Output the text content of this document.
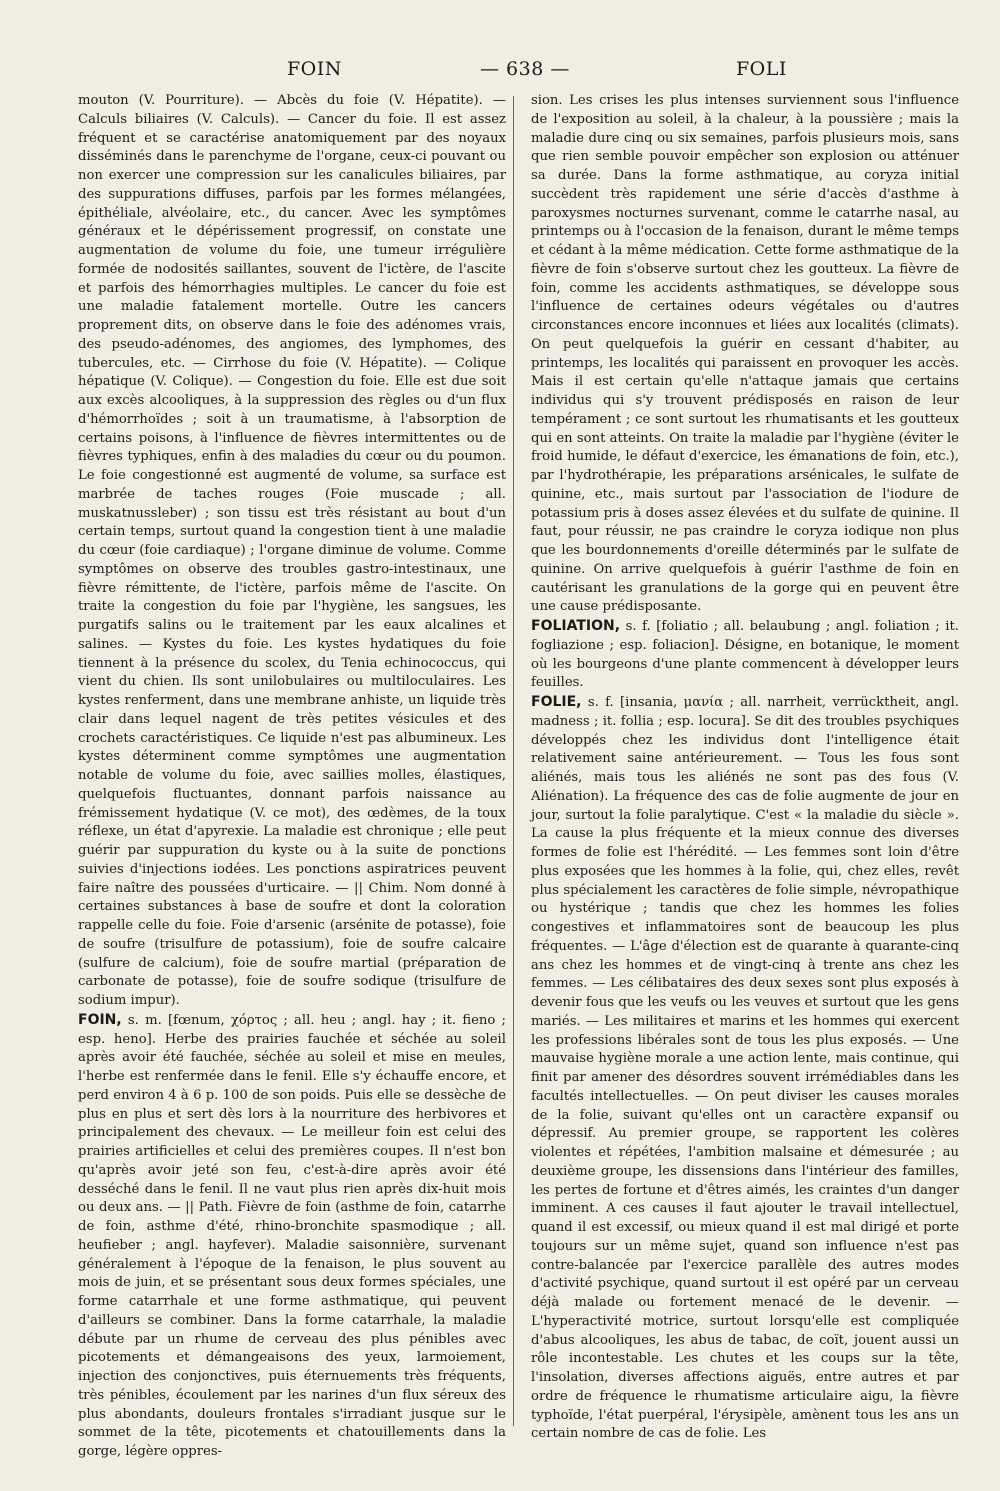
FOIN	— 638 —	FOLI

mouton (V. Pourriture). — Abcès du foie (V. Hépatite). — Calculs biliaires (V. Calculs). — Cancer du foie. Il est assez fréquent et se caractérise anatomiquement par des noyaux disséminés dans le parenchyme de l'organe, ceux-ci pouvant ou non exercer une compression sur les canalicules biliaires, par des suppurations diffuses, parfois par les formes mélangées, épithéliale, alvéolaire, etc., du cancer. Avec les symptômes généraux et le dépérissement progressif, on constate une augmentation de volume du foie, une tumeur irrégulière formée de nodosités saillantes, souvent de l'ictère, de l'ascite et parfois des hémorrhagies multiples. Le cancer du foie est une maladie fatalement mortelle. Outre les cancers proprement dits, on observe dans le foie des adénomes vrais, des pseudo-adénomes, des angiomes, des lymphomes, des tubercules, etc. — Cirrhose du foie (V. Hépatite). — Colique hépatique (V. Colique). — Congestion du foie. Elle est due soit aux excès alcooliques, à la suppression des règles ou d'un flux d'hémorrhoïdes ; soit à un traumatisme, à l'absorption de certains poisons, à l'influence de fièvres intermittentes ou de fièvres typhiques, enfin à des maladies du cœur ou du poumon. Le foie congestionné est augmenté de volume, sa surface est marbrée de taches rouges (Foie muscade ; all. muskatnussleber) ; son tissu est très résistant au bout d'un certain temps, surtout quand la congestion tient à une maladie du cœur (foie cardiaque) ; l'organe diminue de volume. Comme symptômes on observe des troubles gastro-intestinaux, une fièvre rémittente, de l'ictère, parfois même de l'ascite. On traite la congestion du foie par l'hygiène, les sangsues, les purgatifs salins ou le traitement par les eaux alcalines et salines. — Kystes du foie. Les kystes hydatiques du foie tiennent à la présence du scolex, du Tenia echinococcus, qui vient du chien. Ils sont unilobulaires ou multiloculaires. Les kystes renferment, dans une membrane anhiste, un liquide très clair dans lequel nagent de très petites vésicules et des crochets caractéristiques. Ce liquide n'est pas albumineux. Les kystes déterminent comme symptômes une augmentation notable de volume du foie, avec saillies molles, élastiques, quelquefois fluctuantes, donnant parfois naissance au frémissement hydatique (V. ce mot), des œdèmes, de la toux réflexe, un état d'apyrexie. La maladie est chronique ; elle peut guérir par suppuration du kyste ou à la suite de ponctions suivies d'injections iodées. Les ponctions aspiratrices peuvent faire naître des poussées d'urticaire. — || Chim. Nom donné à certaines substances à base de soufre et dont la coloration rappelle celle du foie. Foie d'arsenic (arsénite de potasse), foie de soufre (trisulfure de potassium), foie de soufre calcaire (sulfure de calcium), foie de soufre martial (préparation de carbonate de potasse), foie de soufre sodique (trisulfure de sodium impur).

FOIN, s. m. [fœnum, χόρτος ; all. heu ; angl. hay ; it. fieno ; esp. heno]. Herbe des prairies fauchée et séchée au soleil après avoir été fauchée, séchée au soleil et mise en meules, l'herbe est renfermée dans le fenil. Elle s'y échauffe encore, et perd environ 4 à 6 p. 100 de son poids. Puis elle se dessèche de plus en plus et sert dès lors à la nourriture des herbivores et principalement des chevaux. — Le meilleur foin est celui des prairies artificielles et celui des premières coupes. Il n'est bon qu'après avoir jeté son feu, c'est-à-dire après avoir été desséché dans le fenil. Il ne vaut plus rien après dix-huit mois ou deux ans. — || Path. Fièvre de foin (asthme de foin, catarrhe de foin, asthme d'été, rhino-bronchite spasmodique ; all. heufieber ; angl. hayfever). Maladie saisonnière, survenant généralement à l'époque de la fenaison, le plus souvent au mois de juin, et se présentant sous deux formes spéciales, une forme catarrhale et une forme asthmatique, qui peuvent d'ailleurs se combiner. Dans la forme catarrhale, la maladie débute par un rhume de cerveau des plus pénibles avec picotements et démangeaisons des yeux, larmoiement, injection des conjonctives, puis éternuements très fréquents, très pénibles, écoulement par les narines d'un flux séreux des plus abondants, douleurs frontales s'irradiant jusque sur le sommet de la tête, picotements et chatouillements dans la gorge, légère oppres-

sion. Les crises les plus intenses surviennent sous l'influence de l'exposition au soleil, à la chaleur, à la poussière ; mais la maladie dure cinq ou six semaines, parfois plusieurs mois, sans que rien semble pouvoir empêcher son explosion ou atténuer sa durée. Dans la forme asthmatique, au coryza initial succèdent très rapidement une série d'accès d'asthme à paroxysmes nocturnes survenant, comme le catarrhe nasal, au printemps ou à l'occasion de la fenaison, durant le même temps et cédant à la même médication. Cette forme asthmatique de la fièvre de foin s'observe surtout chez les goutteux. La fièvre de foin, comme les accidents asthmatiques, se développe sous l'influence de certaines odeurs végétales ou d'autres circonstances encore inconnues et liées aux localités (climats). On peut quelquefois la guérir en cessant d'habiter, au printemps, les localités qui paraissent en provoquer les accès. Mais il est certain qu'elle n'attaque jamais que certains individus qui s'y trouvent prédisposés en raison de leur tempérament ; ce sont surtout les rhumatisants et les goutteux qui en sont atteints. On traite la maladie par l'hygiène (éviter le froid humide, le défaut d'exercice, les émanations de foin, etc.), par l'hydrothérapie, les préparations arsénicales, le sulfate de quinine, etc., mais surtout par l'association de l'iodure de potassium pris à doses assez élevées et du sulfate de quinine. Il faut, pour réussir, ne pas craindre le coryza iodique non plus que les bourdonnements d'oreille déterminés par le sulfate de quinine. On arrive quelquefois à guérir l'asthme de foin en cautérisant les granulations de la gorge qui en peuvent être une cause prédisposante.

FOLIATION, s. f. [foliatio ; all. belaubung ; angl. foliation ; it. fogliazione ; esp. foliacion]. Désigne, en botanique, le moment où les bourgeons d'une plante commencent à développer leurs feuilles.

FOLIE, s. f. [insania, μανία ; all. narrheit, verrücktheit, angl. madness ; it. follia ; esp. locura]. Se dit des troubles psychiques développés chez les individus dont l'intelligence était relativement saine antérieurement. — Tous les fous sont aliénés, mais tous les aliénés ne sont pas des fous (V. Aliénation). La fréquence des cas de folie augmente de jour en jour, surtout la folie paralytique. C'est « la maladie du siècle ». La cause la plus fréquente et la mieux connue des diverses formes de folie est l'hérédité. — Les femmes sont loin d'être plus exposées que les hommes à la folie, qui, chez elles, revêt plus spécialement les caractères de folie simple, névropathique ou hystérique ; tandis que chez les hommes les folies congestives et inflammatoires sont de beaucoup les plus fréquentes. — L'âge d'élection est de quarante à quarante-cinq ans chez les hommes et de vingt-cinq à trente ans chez les femmes. — Les célibataires des deux sexes sont plus exposés à devenir fous que les veufs ou les veuves et surtout que les gens mariés. — Les militaires et marins et les hommes qui exercent les professions libérales sont de tous les plus exposés. — Une mauvaise hygiène morale a une action lente, mais continue, qui finit par amener des désordres souvent irrémédiables dans les facultés intellectuelles. — On peut diviser les causes morales de la folie, suivant qu'elles ont un caractère expansif ou dépressif. Au premier groupe, se rapportent les colères violentes et répétées, l'ambition malsaine et démesurée ; au deuxième groupe, les dissensions dans l'intérieur des familles, les pertes de fortune et d'êtres aimés, les craintes d'un danger imminent. A ces causes il faut ajouter le travail intellectuel, quand il est excessif, ou mieux quand il est mal dirigé et porte toujours sur un même sujet, quand son influence n'est pas contre-balancée par l'exercice parallèle des autres modes d'activité psychique, quand surtout il est opéré par un cerveau déjà malade ou fortement menacé de le devenir. — L'hyperactivité motrice, surtout lorsqu'elle est compliquée d'abus alcooliques, les abus de tabac, de coït, jouent aussi un rôle incontestable. Les chutes et les coups sur la tête, l'insolation, diverses affections aiguës, entre autres et par ordre de fréquence le rhumatisme articulaire aigu, la fièvre typhoïde, l'état puerpéral, l'érysipèle, amènent tous les ans un certain nombre de cas de folie. Les
